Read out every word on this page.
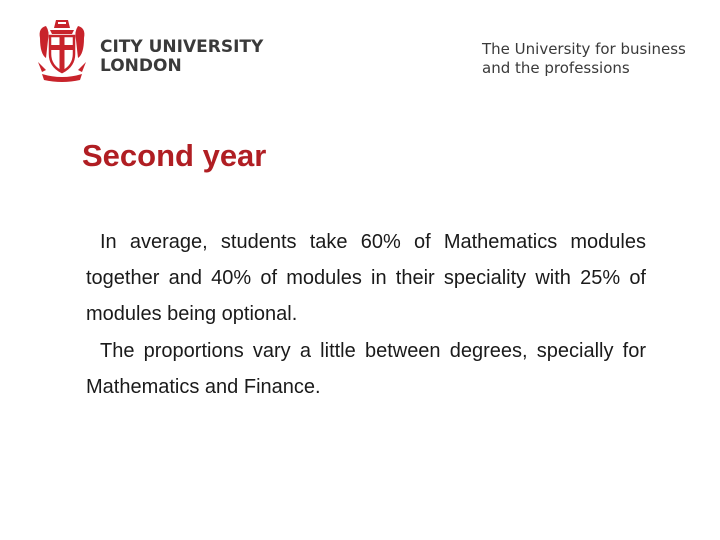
CITY UNIVERSITY
LONDON
The University for business
and the professions
Second year

In average, students take 60% of Mathematics modules together and 40% of modules in their speciality with 25% of modules being optional.

The proportions vary a little between degrees, specially for Mathematics and Finance.
